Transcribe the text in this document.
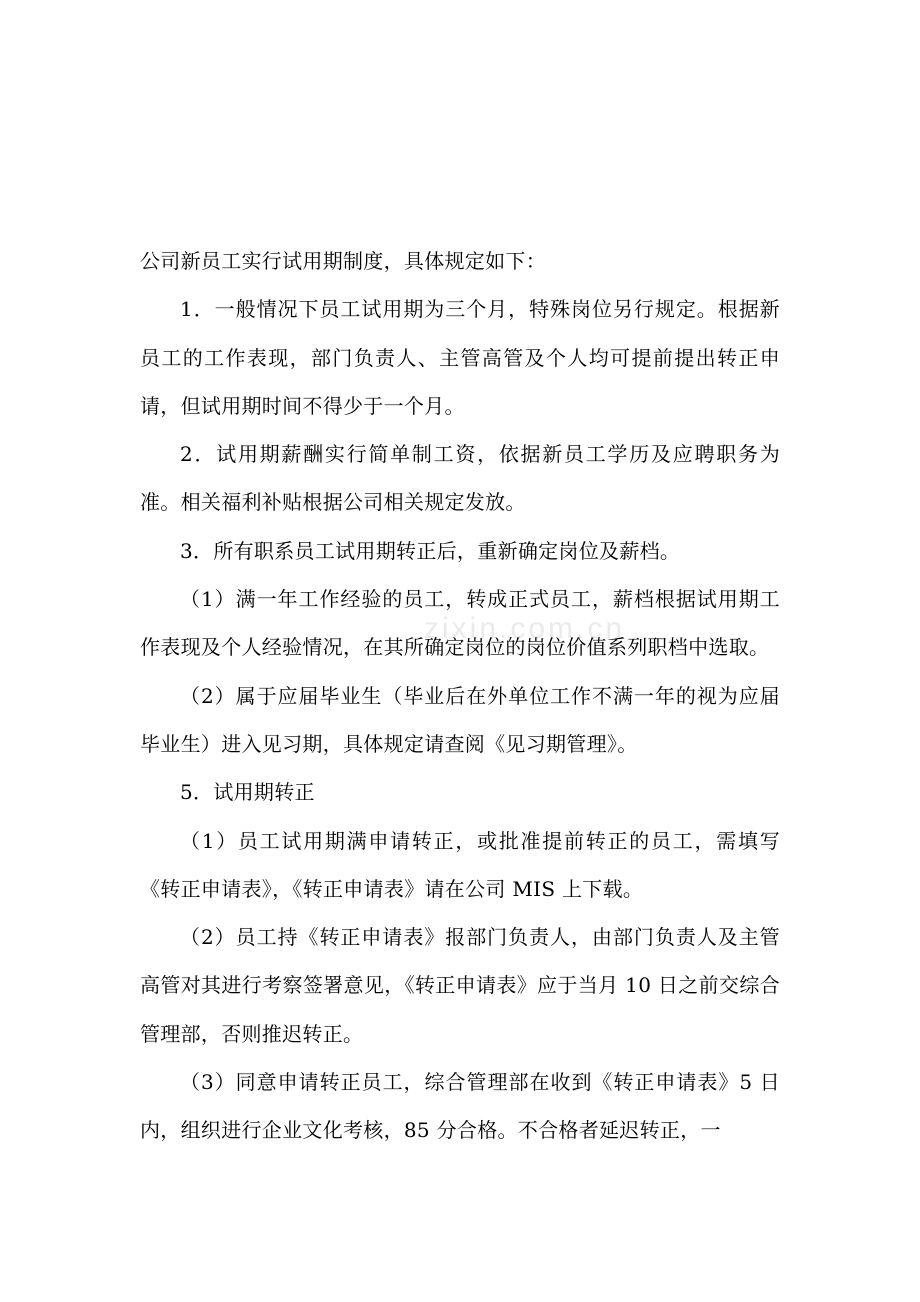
zixin.com.cn

公司新员工实行试用期制度，具体规定如下：

1．一般情况下员工试用期为三个月，特殊岗位另行规定。根据新员工的工作表现，部门负责人、主管高管及个人均可提前提出转正申请，但试用期时间不得少于一个月。

2．试用期薪酬实行简单制工资，依据新员工学历及应聘职务为准。相关福利补贴根据公司相关规定发放。

3．所有职系员工试用期转正后，重新确定岗位及薪档。

（1）满一年工作经验的员工，转成正式员工，薪档根据试用期工作表现及个人经验情况，在其所确定岗位的岗位价值系列职档中选取。

（2）属于应届毕业生（毕业后在外单位工作不满一年的视为应届毕业生）进入见习期，具体规定请查阅《见习期管理》。

5．试用期转正

（1）员工试用期满申请转正，或批准提前转正的员工，需填写《转正申请表》，《转正申请表》请在公司 MIS 上下载。

（2）员工持《转正申请表》报部门负责人，由部门负责人及主管高管对其进行考察签署意见，《转正申请表》应于当月 10 日之前交综合管理部，否则推迟转正。

（3）同意申请转正员工，综合管理部在收到《转正申请表》5 日内，组织进行企业文化考核，85 分合格。不合格者延迟转正，一
